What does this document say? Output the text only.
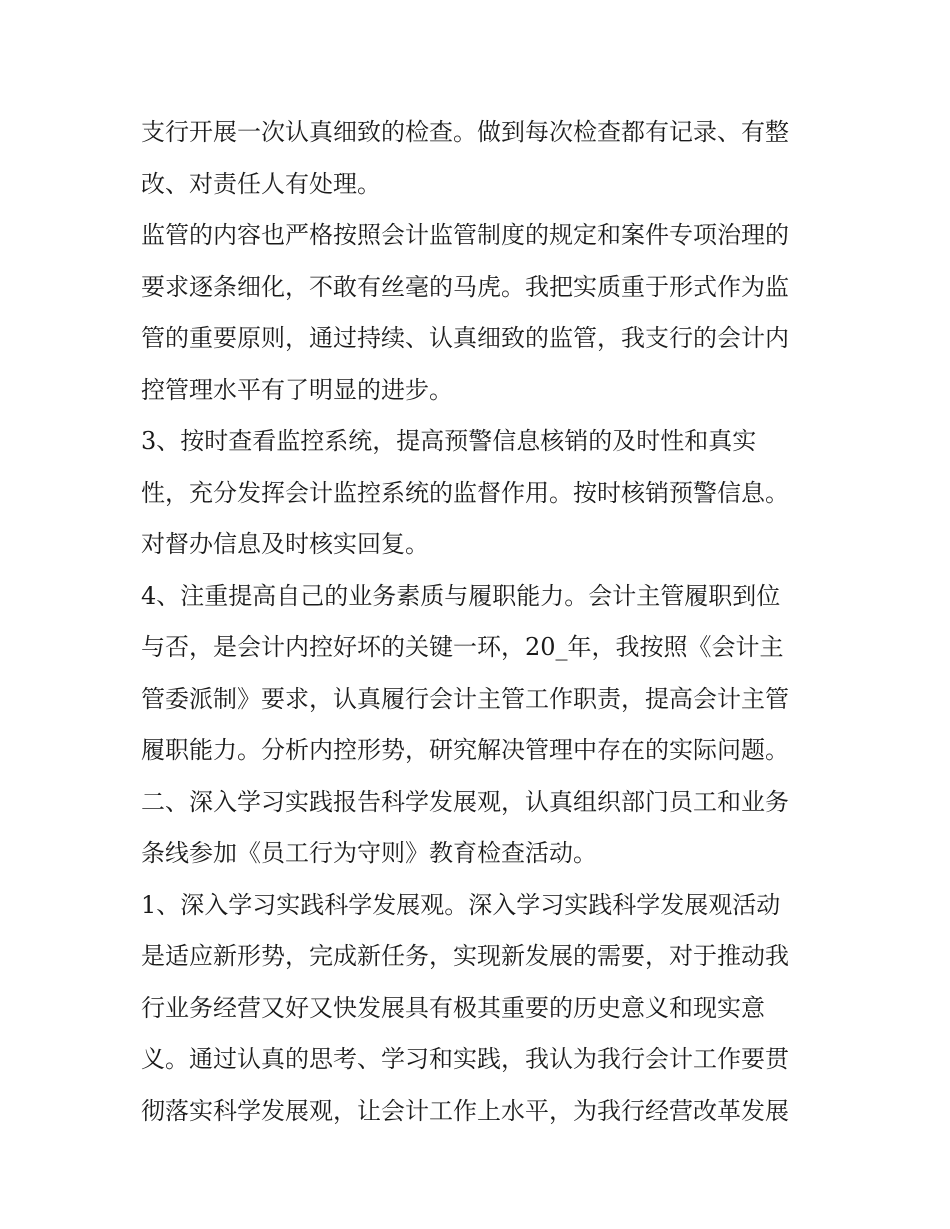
支行开展一次认真细致的检查。做到每次检查都有记录、有整
改、对责任人有处理。
监管的内容也严格按照会计监管制度的规定和案件专项治理的
要求逐条细化，不敢有丝毫的马虎。我把实质重于形式作为监
管的重要原则，通过持续、认真细致的监管，我支行的会计内
控管理水平有了明显的进步。
3、按时查看监控系统，提高预警信息核销的及时性和真实
性，充分发挥会计监控系统的监督作用。按时核销预警信息。
对督办信息及时核实回复。
4、注重提高自己的业务素质与履职能力。会计主管履职到位
与否，是会计内控好坏的关键一环，20_年，我按照《会计主
管委派制》要求，认真履行会计主管工作职责，提高会计主管
履职能力。分析内控形势，研究解决管理中存在的实际问题。
二、深入学习实践报告科学发展观，认真组织部门员工和业务
条线参加《员工行为守则》教育检查活动。
1、深入学习实践科学发展观。深入学习实践科学发展观活动
是适应新形势，完成新任务，实现新发展的需要，对于推动我
行业务经营又好又快发展具有极其重要的历史意义和现实意
义。通过认真的思考、学习和实践，我认为我行会计工作要贯
彻落实科学发展观，让会计工作上水平，为我行经营改革发展
